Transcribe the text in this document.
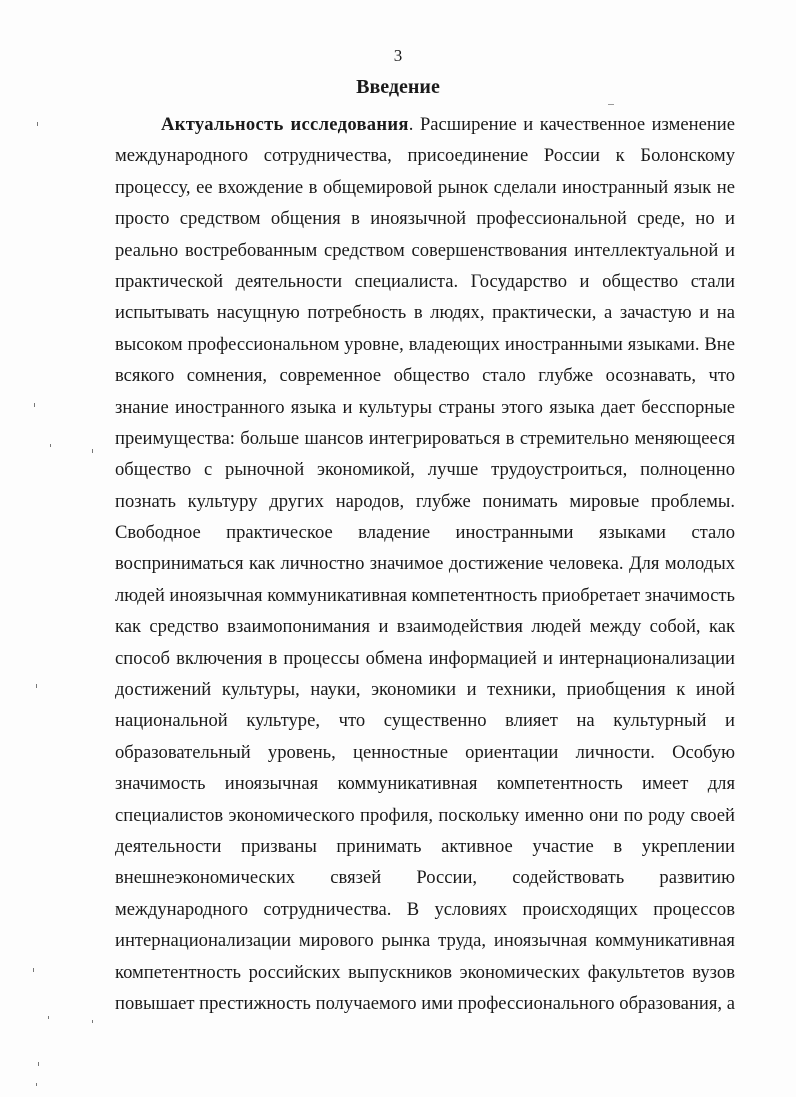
3
Введение
Актуальность исследования. Расширение и качественное изменение
международного сотрудничества, присоединение России к Болонскому
процессу, ее вхождение в общемировой рынок сделали иностранный язык не
просто средством общения в иноязычной профессиональной среде, но и
реально востребованным средством совершенствования интеллектуальной и
практической деятельности специалиста. Государство и общество стали
испытывать насущную потребность в людях, практически, а зачастую и на
высоком профессиональном уровне, владеющих иностранными языками. Вне
всякого сомнения, современное общество стало глубже осознавать, что
знание иностранного языка и культуры страны этого языка дает бесспорные
преимущества: больше шансов интегрироваться в стремительно меняющееся
общество с рыночной экономикой, лучше трудоустроиться, полноценно
познать культуру других народов, глубже понимать мировые проблемы.
Свободное практическое владение иностранными языками стало
восприниматься как личностно значимое достижение человека. Для молодых
людей иноязычная коммуникативная компетентность приобретает значимость
как средство взаимопонимания и взаимодействия людей между собой, как
способ включения в процессы обмена информацией и интернационализации
достижений культуры, науки, экономики и техники, приобщения к иной
национальной культуре, что существенно влияет на культурный и
образовательный уровень, ценностные ориентации личности. Особую
значимость иноязычная коммуникативная компетентность имеет для
специалистов экономического профиля, поскольку именно они по роду своей
деятельности призваны принимать активное участие в укреплении
внешнеэкономических связей России, содействовать развитию
международного сотрудничества. В условиях происходящих процессов
интернационализации мирового рынка труда, иноязычная коммуникативная
компетентность российских выпускников экономических факультетов вузов
повышает престижность получаемого ими профессионального образования, а
